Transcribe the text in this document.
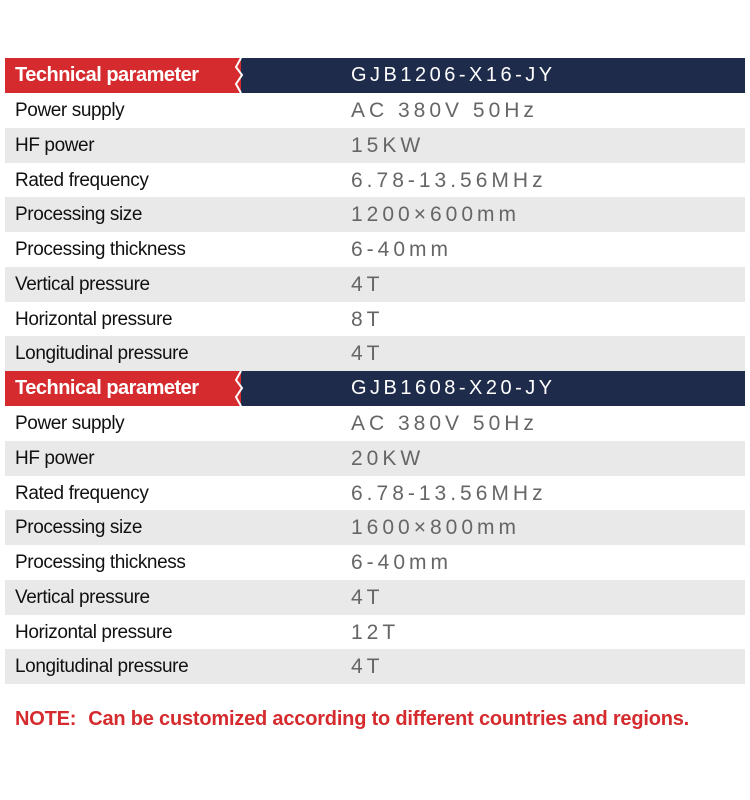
Technical parameter	GJB1206-X16-JY
Power supply	AC 380V 50Hz
HF power	15KW
Rated frequency	6.78-13.56MHz
Processing size	1200×600mm
Processing thickness	6-40mm
Vertical pressure	4T
Horizontal pressure	8T
Longitudinal pressure	4T
Technical parameter	GJB1608-X20-JY
Power supply	AC 380V 50Hz
HF power	20KW
Rated frequency	6.78-13.56MHz
Processing size	1600×800mm
Processing thickness	6-40mm
Vertical pressure	4T
Horizontal pressure	12T
Longitudinal pressure	4T
NOTE: Can be customized according to different countries and regions.
